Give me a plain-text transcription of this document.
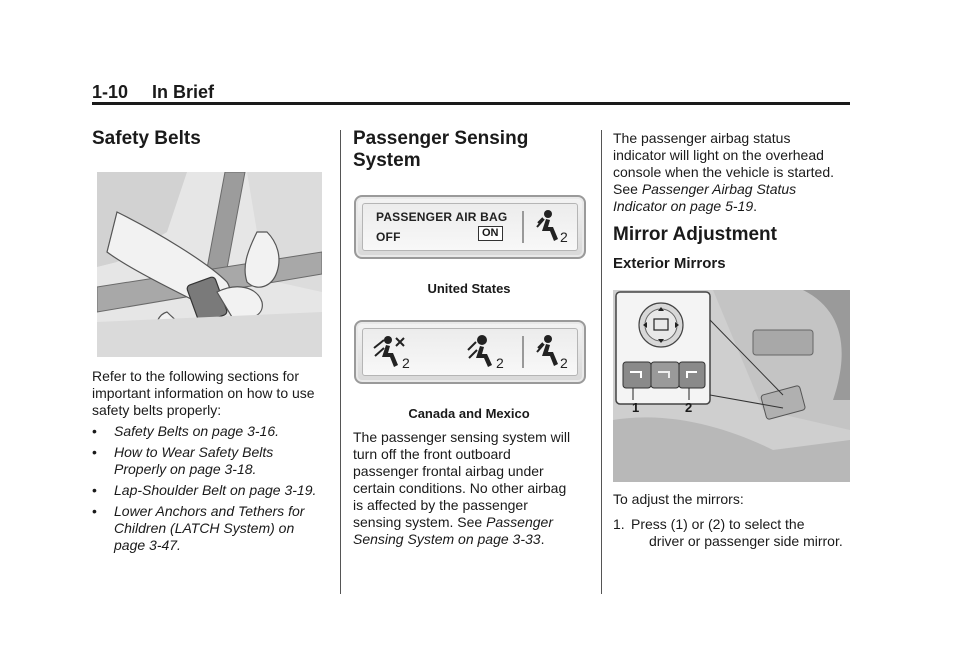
1-10 In Brief
Safety Belts

Refer to the following sections for
important information on how to use
safety belts properly:

• Safety Belts on page 3-16.
• How to Wear Safety Belts
Properly on page 3-18.
• Lap-Shoulder Belt on page 3-19.
• Lower Anchors and Tethers for
Children (LATCH System) on
page 3-47.
Passenger Sensing
System
PASSENGER AIR BAG
OFF	ON	2
United States
2	2	2
Canada and Mexico

The passenger sensing system will
turn off the front outboard
passenger frontal airbag under
certain conditions. No other airbag
is affected by the passenger
sensing system. See Passenger
Sensing System on page 3-33.

The passenger airbag status
indicator will light on the overhead
console when the vehicle is started.
See Passenger Airbag Status
Indicator on page 5-19.

Mirror Adjustment
Exterior Mirrors
1	2

To adjust the mirrors:

1. Press (1) or (2) to select the
driver or passenger side mirror.
